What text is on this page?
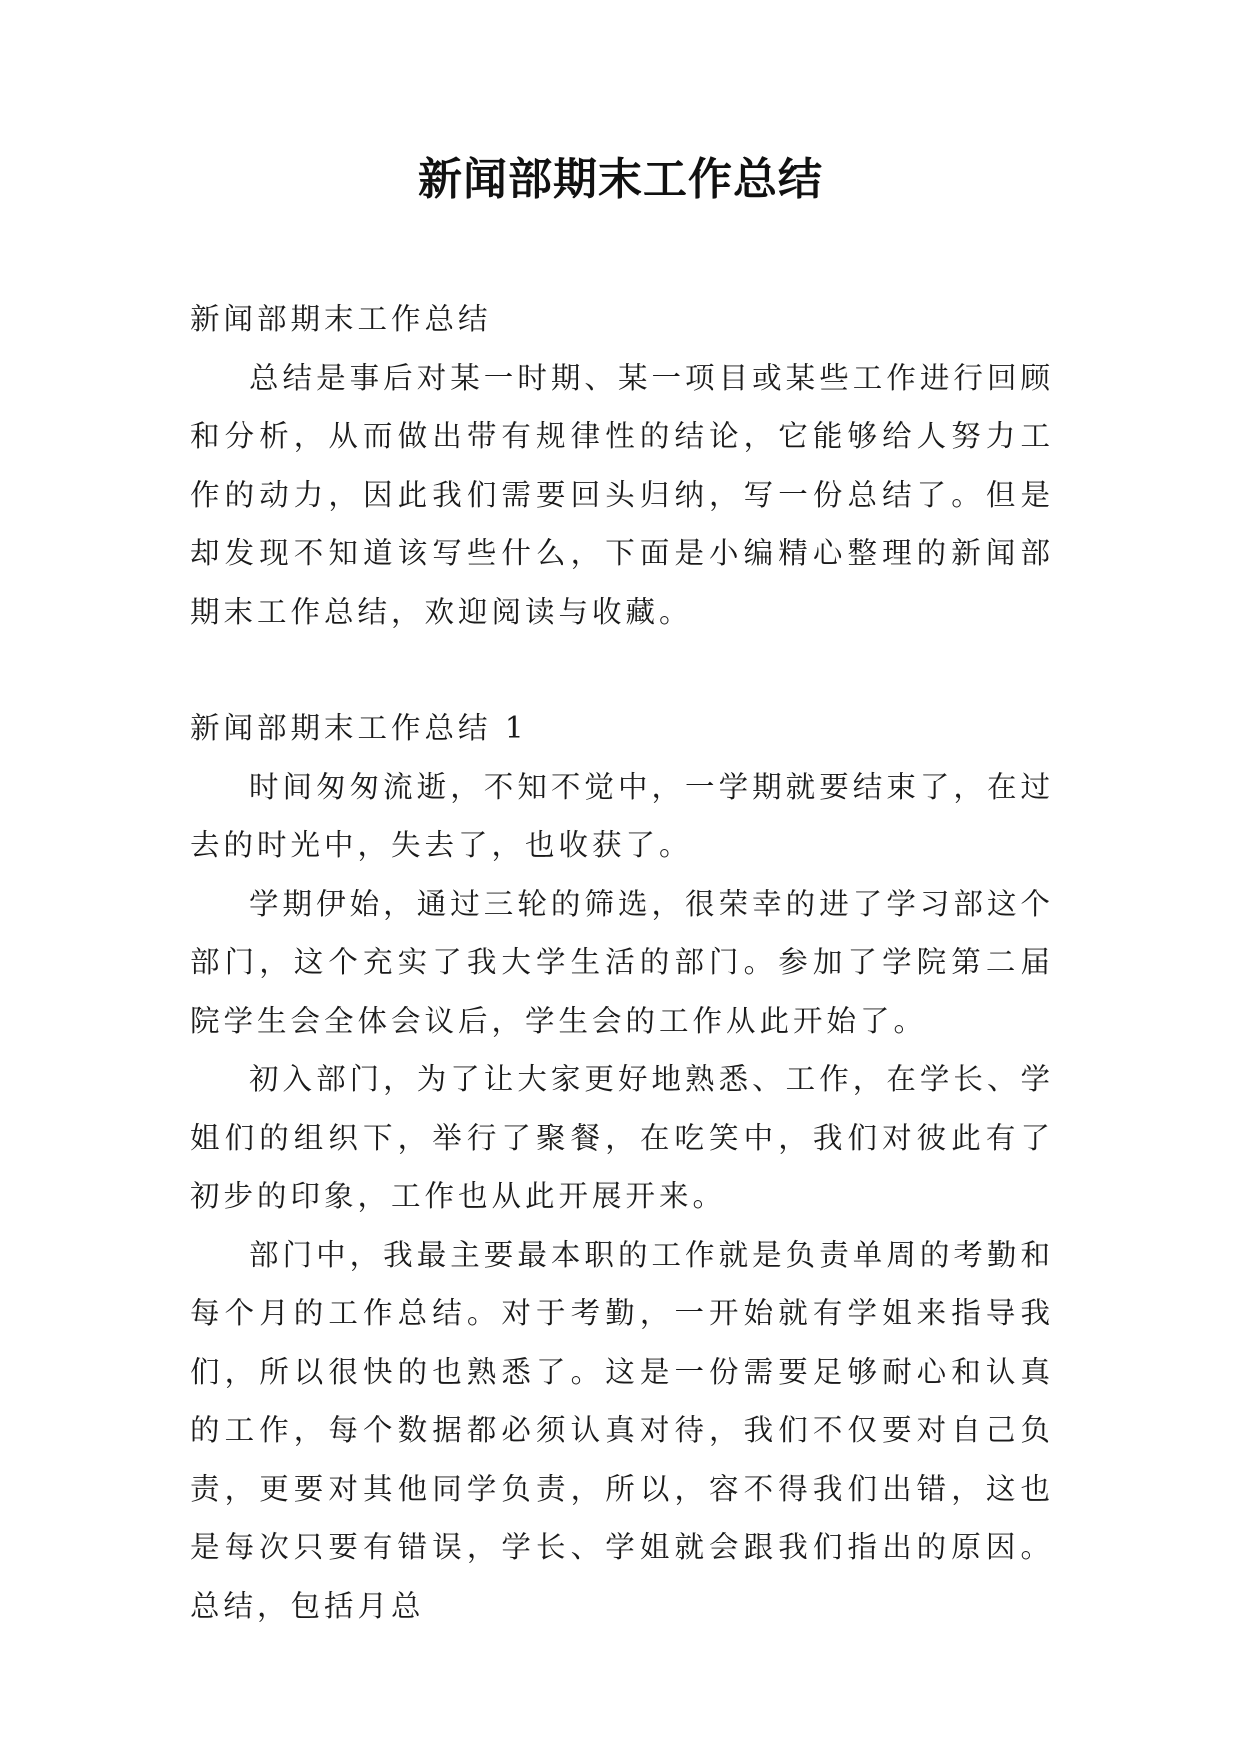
新闻部期末工作总结

新闻部期末工作总结

总结是事后对某一时期、某一项目或某些工作进行回顾和分析，从而做出带有规律性的结论，它能够给人努力工作的动力，因此我们需要回头归纳，写一份总结了。但是却发现不知道该写些什么，下面是小编精心整理的新闻部期末工作总结，欢迎阅读与收藏。

新闻部期末工作总结 1

时间匆匆流逝，不知不觉中，一学期就要结束了，在过去的时光中，失去了，也收获了。

学期伊始，通过三轮的筛选，很荣幸的进了学习部这个部门，这个充实了我大学生活的部门。参加了学院第二届院学生会全体会议后，学生会的工作从此开始了。

初入部门，为了让大家更好地熟悉、工作，在学长、学姐们的组织下，举行了聚餐，在吃笑中，我们对彼此有了初步的印象，工作也从此开展开来。

部门中，我最主要最本职的工作就是负责单周的考勤和每个月的工作总结。对于考勤，一开始就有学姐来指导我们，所以很快的也熟悉了。这是一份需要足够耐心和认真的工作，每个数据都必须认真对待，我们不仅要对自己负责，更要对其他同学负责，所以，容不得我们出错，这也是每次只要有错误，学长、学姐就会跟我们指出的原因。总结，包括月总
